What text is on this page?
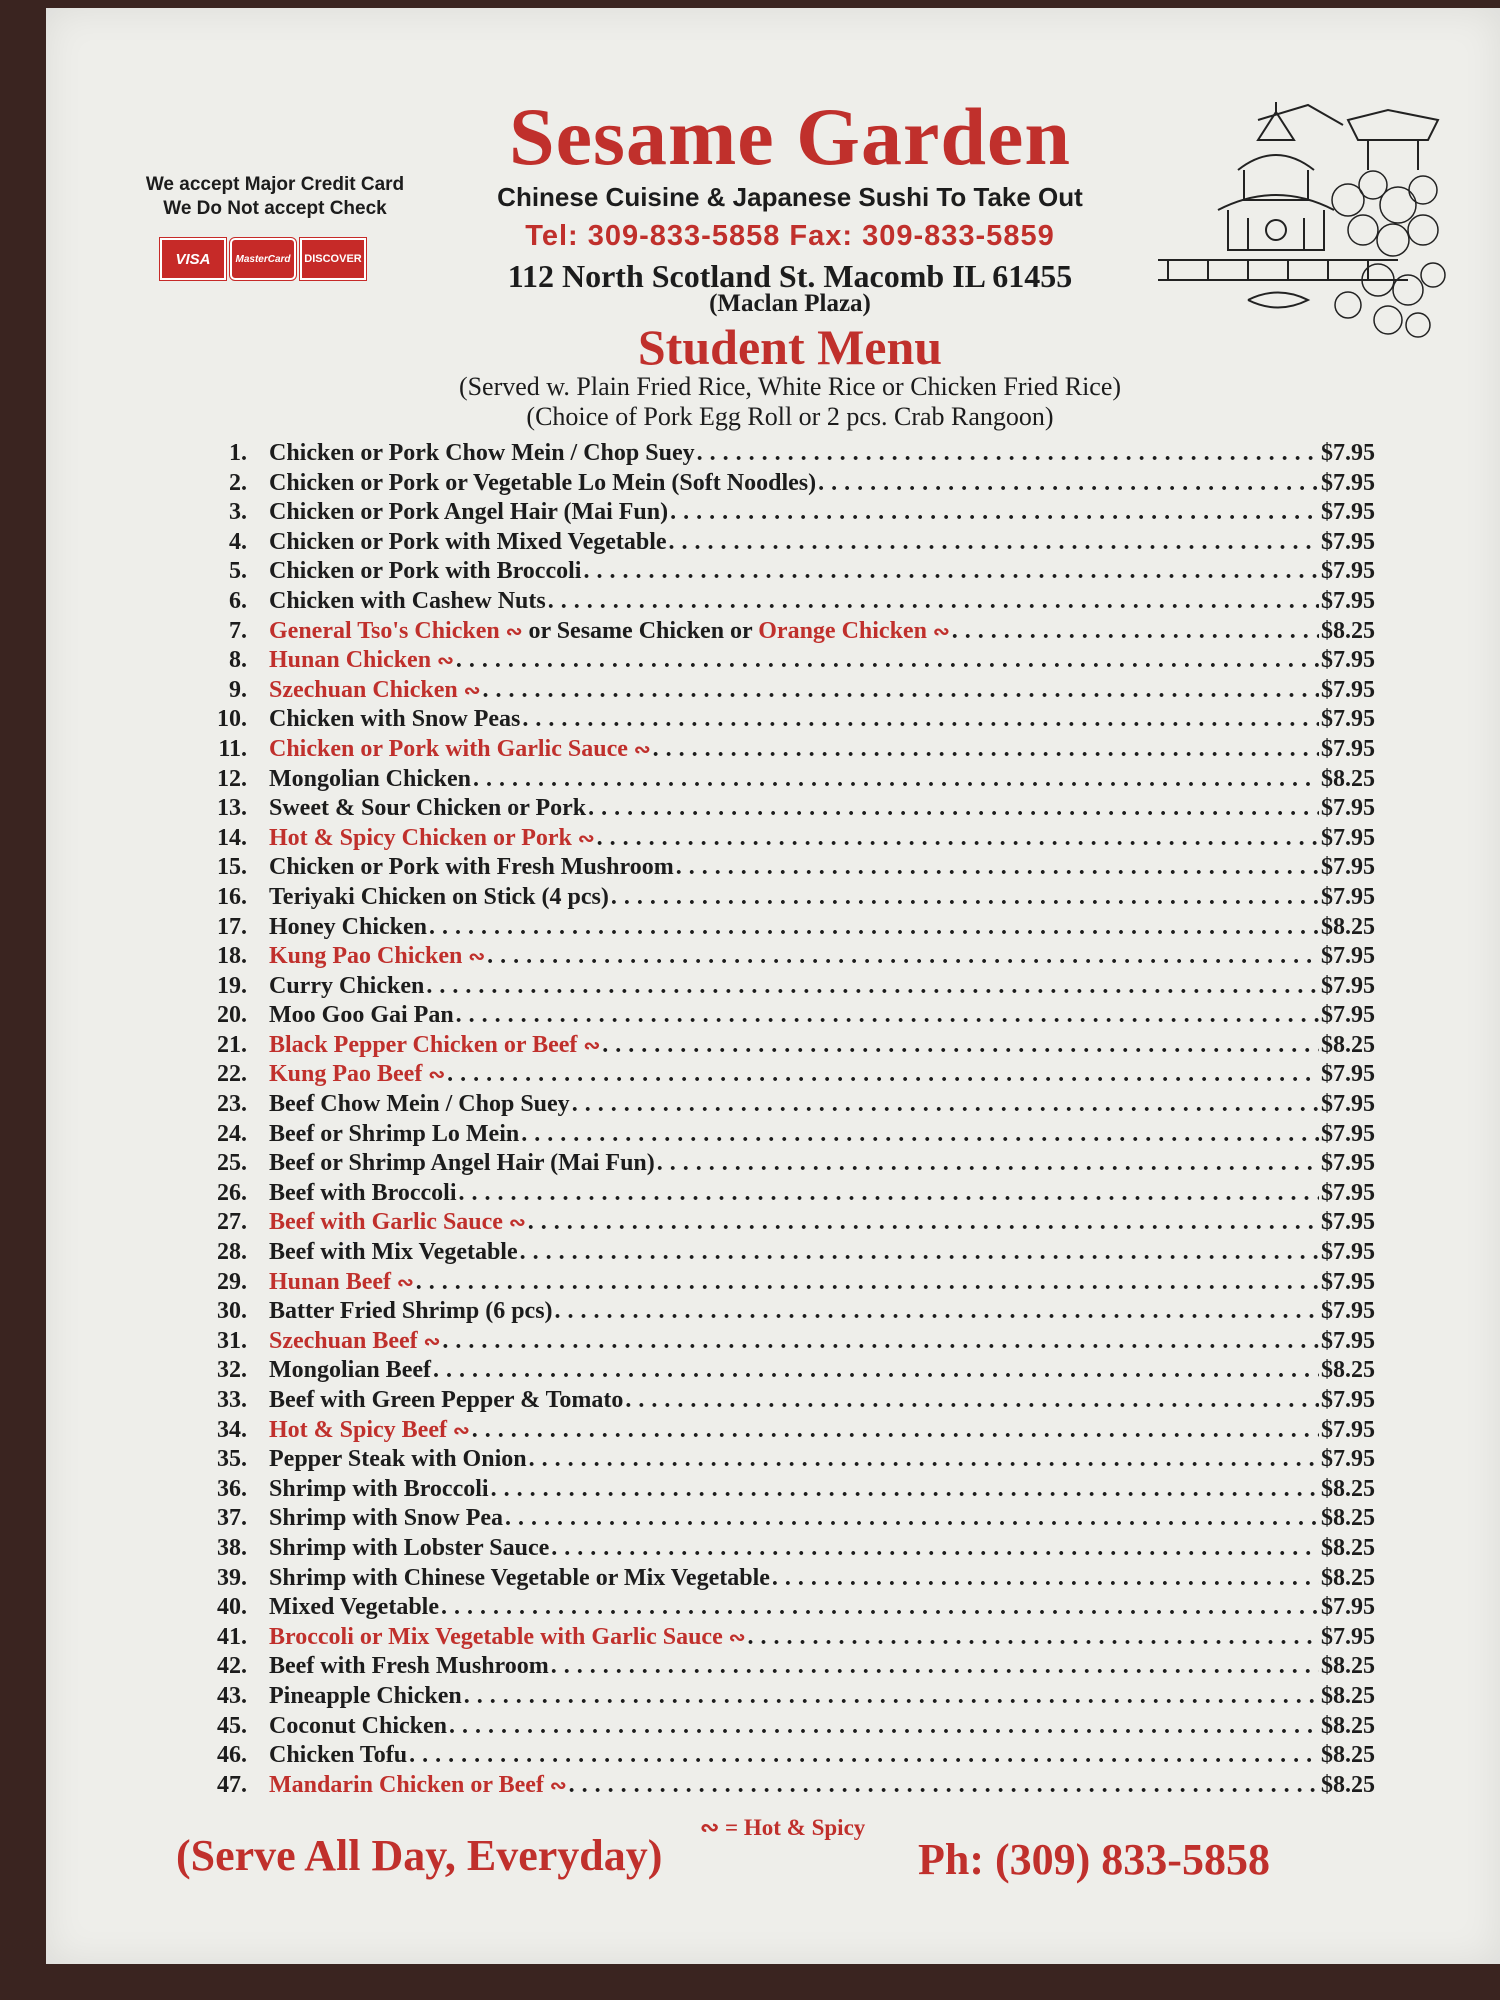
We accept Major Credit Card
We Do Not accept Check
VISA	MasterCard	DISCOVER
Sesame Garden
Chinese Cuisine & Japanese Sushi To Take Out
Tel: 309-833-5858 Fax: 309-833-5859
112 North Scotland St. Macomb IL 61455
(Maclan Plaza)
Student Menu
(Served w. Plain Fried Rice, White Rice or Chicken Fried Rice)
(Choice of Pork Egg Roll or 2 pcs. Crab Rangoon)
1. Chicken or Pork Chow Mein / Chop Suey . . .	$7.95
2. Chicken or Pork or Vegetable Lo Mein (Soft Noodles) . . .	$7.95
3. Chicken or Pork Angel Hair (Mai Fun) . . .	$7.95
4. Chicken or Pork with Mixed Vegetable . . .	$7.95
5. Chicken or Pork with Broccoli . . .	$7.95
6. Chicken with Cashew Nuts . . .	$7.95
7. General Tso's Chicken ∾ or Sesame Chicken or Orange Chicken ∾ . . .	$8.25
8. Hunan Chicken ∾ . . .	$7.95
9. Szechuan Chicken ∾ . . .	$7.95
10. Chicken with Snow Peas . . .	$7.95
11. Chicken or Pork with Garlic Sauce ∾ . . .	$7.95
12. Mongolian Chicken . . .	$8.25
13. Sweet & Sour Chicken or Pork . . .	$7.95
14. Hot & Spicy Chicken or Pork ∾ . . .	$7.95
15. Chicken or Pork with Fresh Mushroom . . .	$7.95
16. Teriyaki Chicken on Stick (4 pcs) . . .	$7.95
17. Honey Chicken . . .	$8.25
18. Kung Pao Chicken ∾ . . .	$7.95
19. Curry Chicken . . .	$7.95
20. Moo Goo Gai Pan . . .	$7.95
21. Black Pepper Chicken or Beef ∾ . . .	$8.25
22. Kung Pao Beef ∾ . . .	$7.95
23. Beef Chow Mein / Chop Suey . . .	$7.95
24. Beef or Shrimp Lo Mein . . .	$7.95
25. Beef or Shrimp Angel Hair (Mai Fun) . . .	$7.95
26. Beef with Broccoli . . .	$7.95
27. Beef with Garlic Sauce ∾ . . .	$7.95
28. Beef with Mix Vegetable . . .	$7.95
29. Hunan Beef ∾ . . .	$7.95
30. Batter Fried Shrimp (6 pcs) . . .	$7.95
31. Szechuan Beef ∾ . . .	$7.95
32. Mongolian Beef . . .	$8.25
33. Beef with Green Pepper & Tomato . . .	$7.95
34. Hot & Spicy Beef ∾ . . .	$7.95
35. Pepper Steak with Onion . . .	$7.95
36. Shrimp with Broccoli . . .	$8.25
37. Shrimp with Snow Pea . . .	$8.25
38. Shrimp with Lobster Sauce . . .	$8.25
39. Shrimp with Chinese Vegetable or Mix Vegetable . . .	$8.25
40. Mixed Vegetable . . .	$7.95
41. Broccoli or Mix Vegetable with Garlic Sauce ∾ . . .	$7.95
42. Beef with Fresh Mushroom . . .	$8.25
43. Pineapple Chicken . . .	$8.25
45. Coconut Chicken . . .	$8.25
46. Chicken Tofu . . .	$8.25
47. Mandarin Chicken or Beef ∾ . . .	$8.25
∾ = Hot & Spicy
(Serve All Day, Everyday)	Ph: (309) 833-5858
